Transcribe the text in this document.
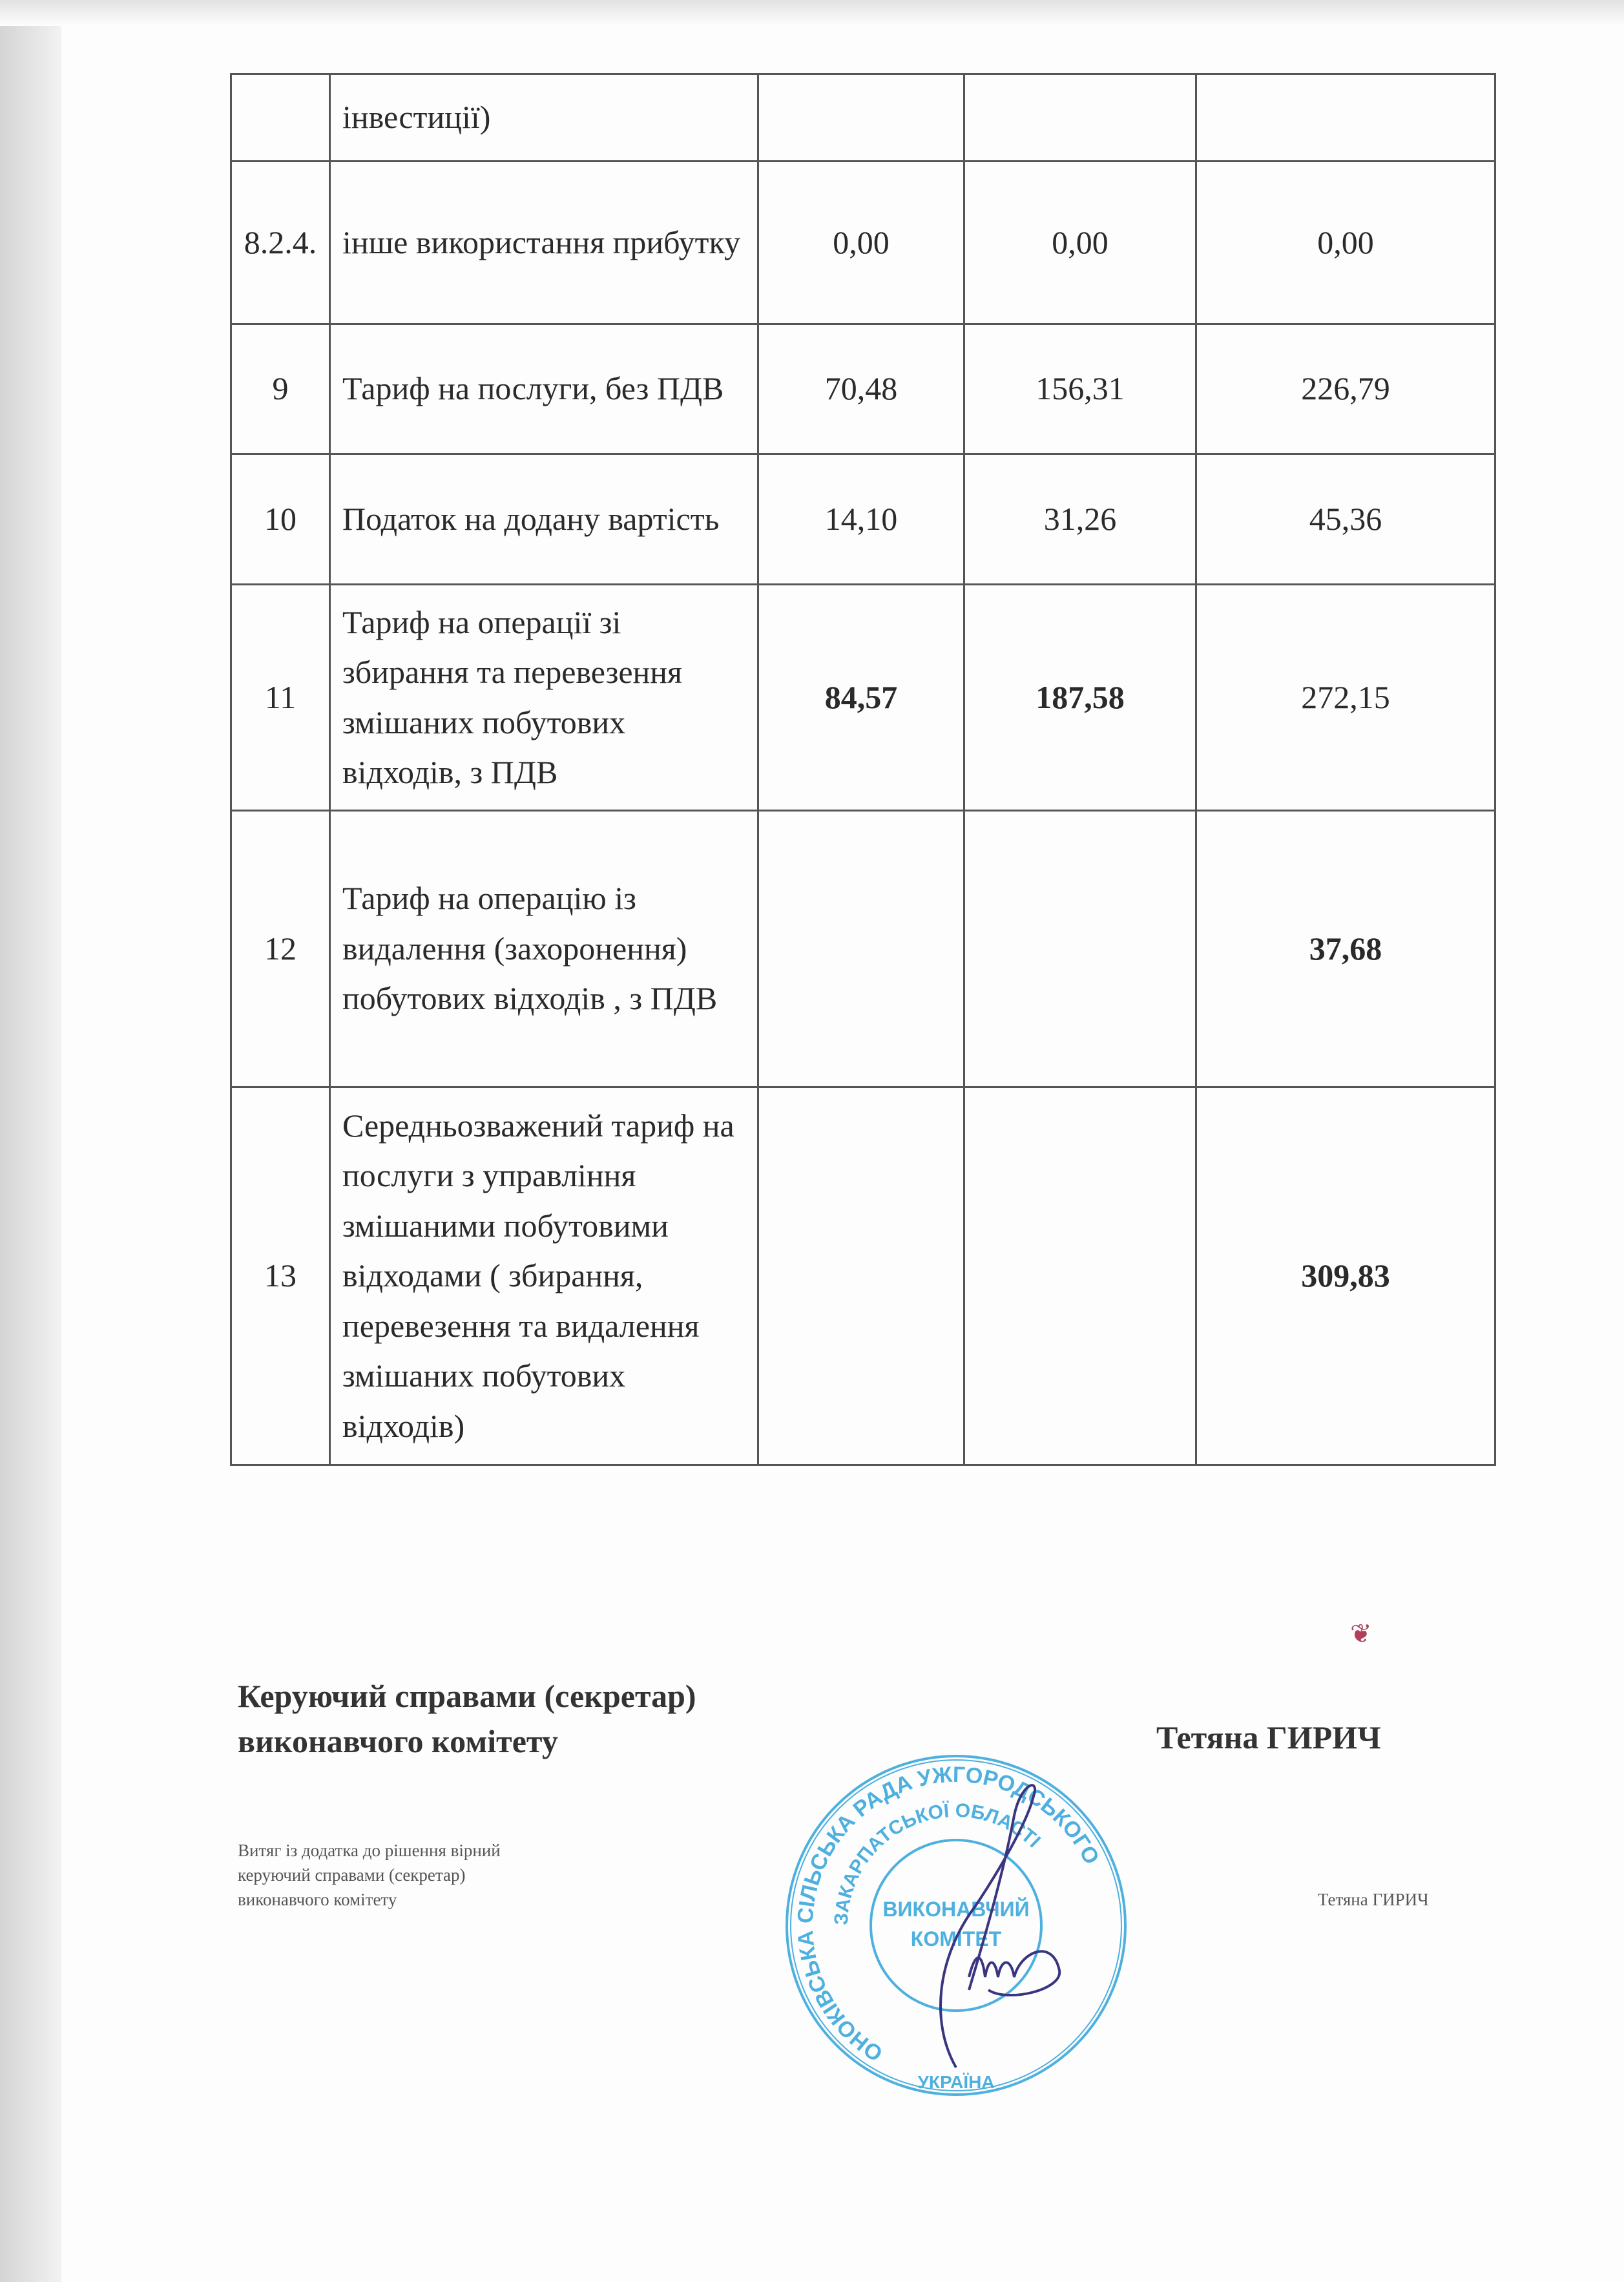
	інвестиції)			
8.2.4.	інше використання прибутку	0,00	0,00	0,00
9	Тариф на послуги, без ПДВ	70,48	156,31	226,79
10	Податок на додану вартість	14,10	31,26	45,36
11	Тариф на операції зі збирання та перевезення змішаних побутових відходів, з ПДВ	84,57	187,58	272,15
12	Тариф на операцію із видалення (захоронення) побутових відходів , з ПДВ			37,68
13	Середньозважений тариф на послуги з управління змішаними побутовими відходами ( збирання, перевезення та видалення змішаних побутових відходів)			309,83
❦
Керуючий справами (секретар)
виконавчого комітету	Тетяна ГИРИЧ
Витяг із додатка до рішення вірний
керуючий справами (секретар)
виконавчого комітету	Тетяна ГИРИЧ
ОНОКІВСЬКА СІЛЬСЬКА РАДА УЖГОРОДСЬКОГО
ЗАКАРПАТСЬКОЇ ОБЛАСТІ
УКРАЇНА
ВИКОНАВЧИЙ
КОМІТЕТ
